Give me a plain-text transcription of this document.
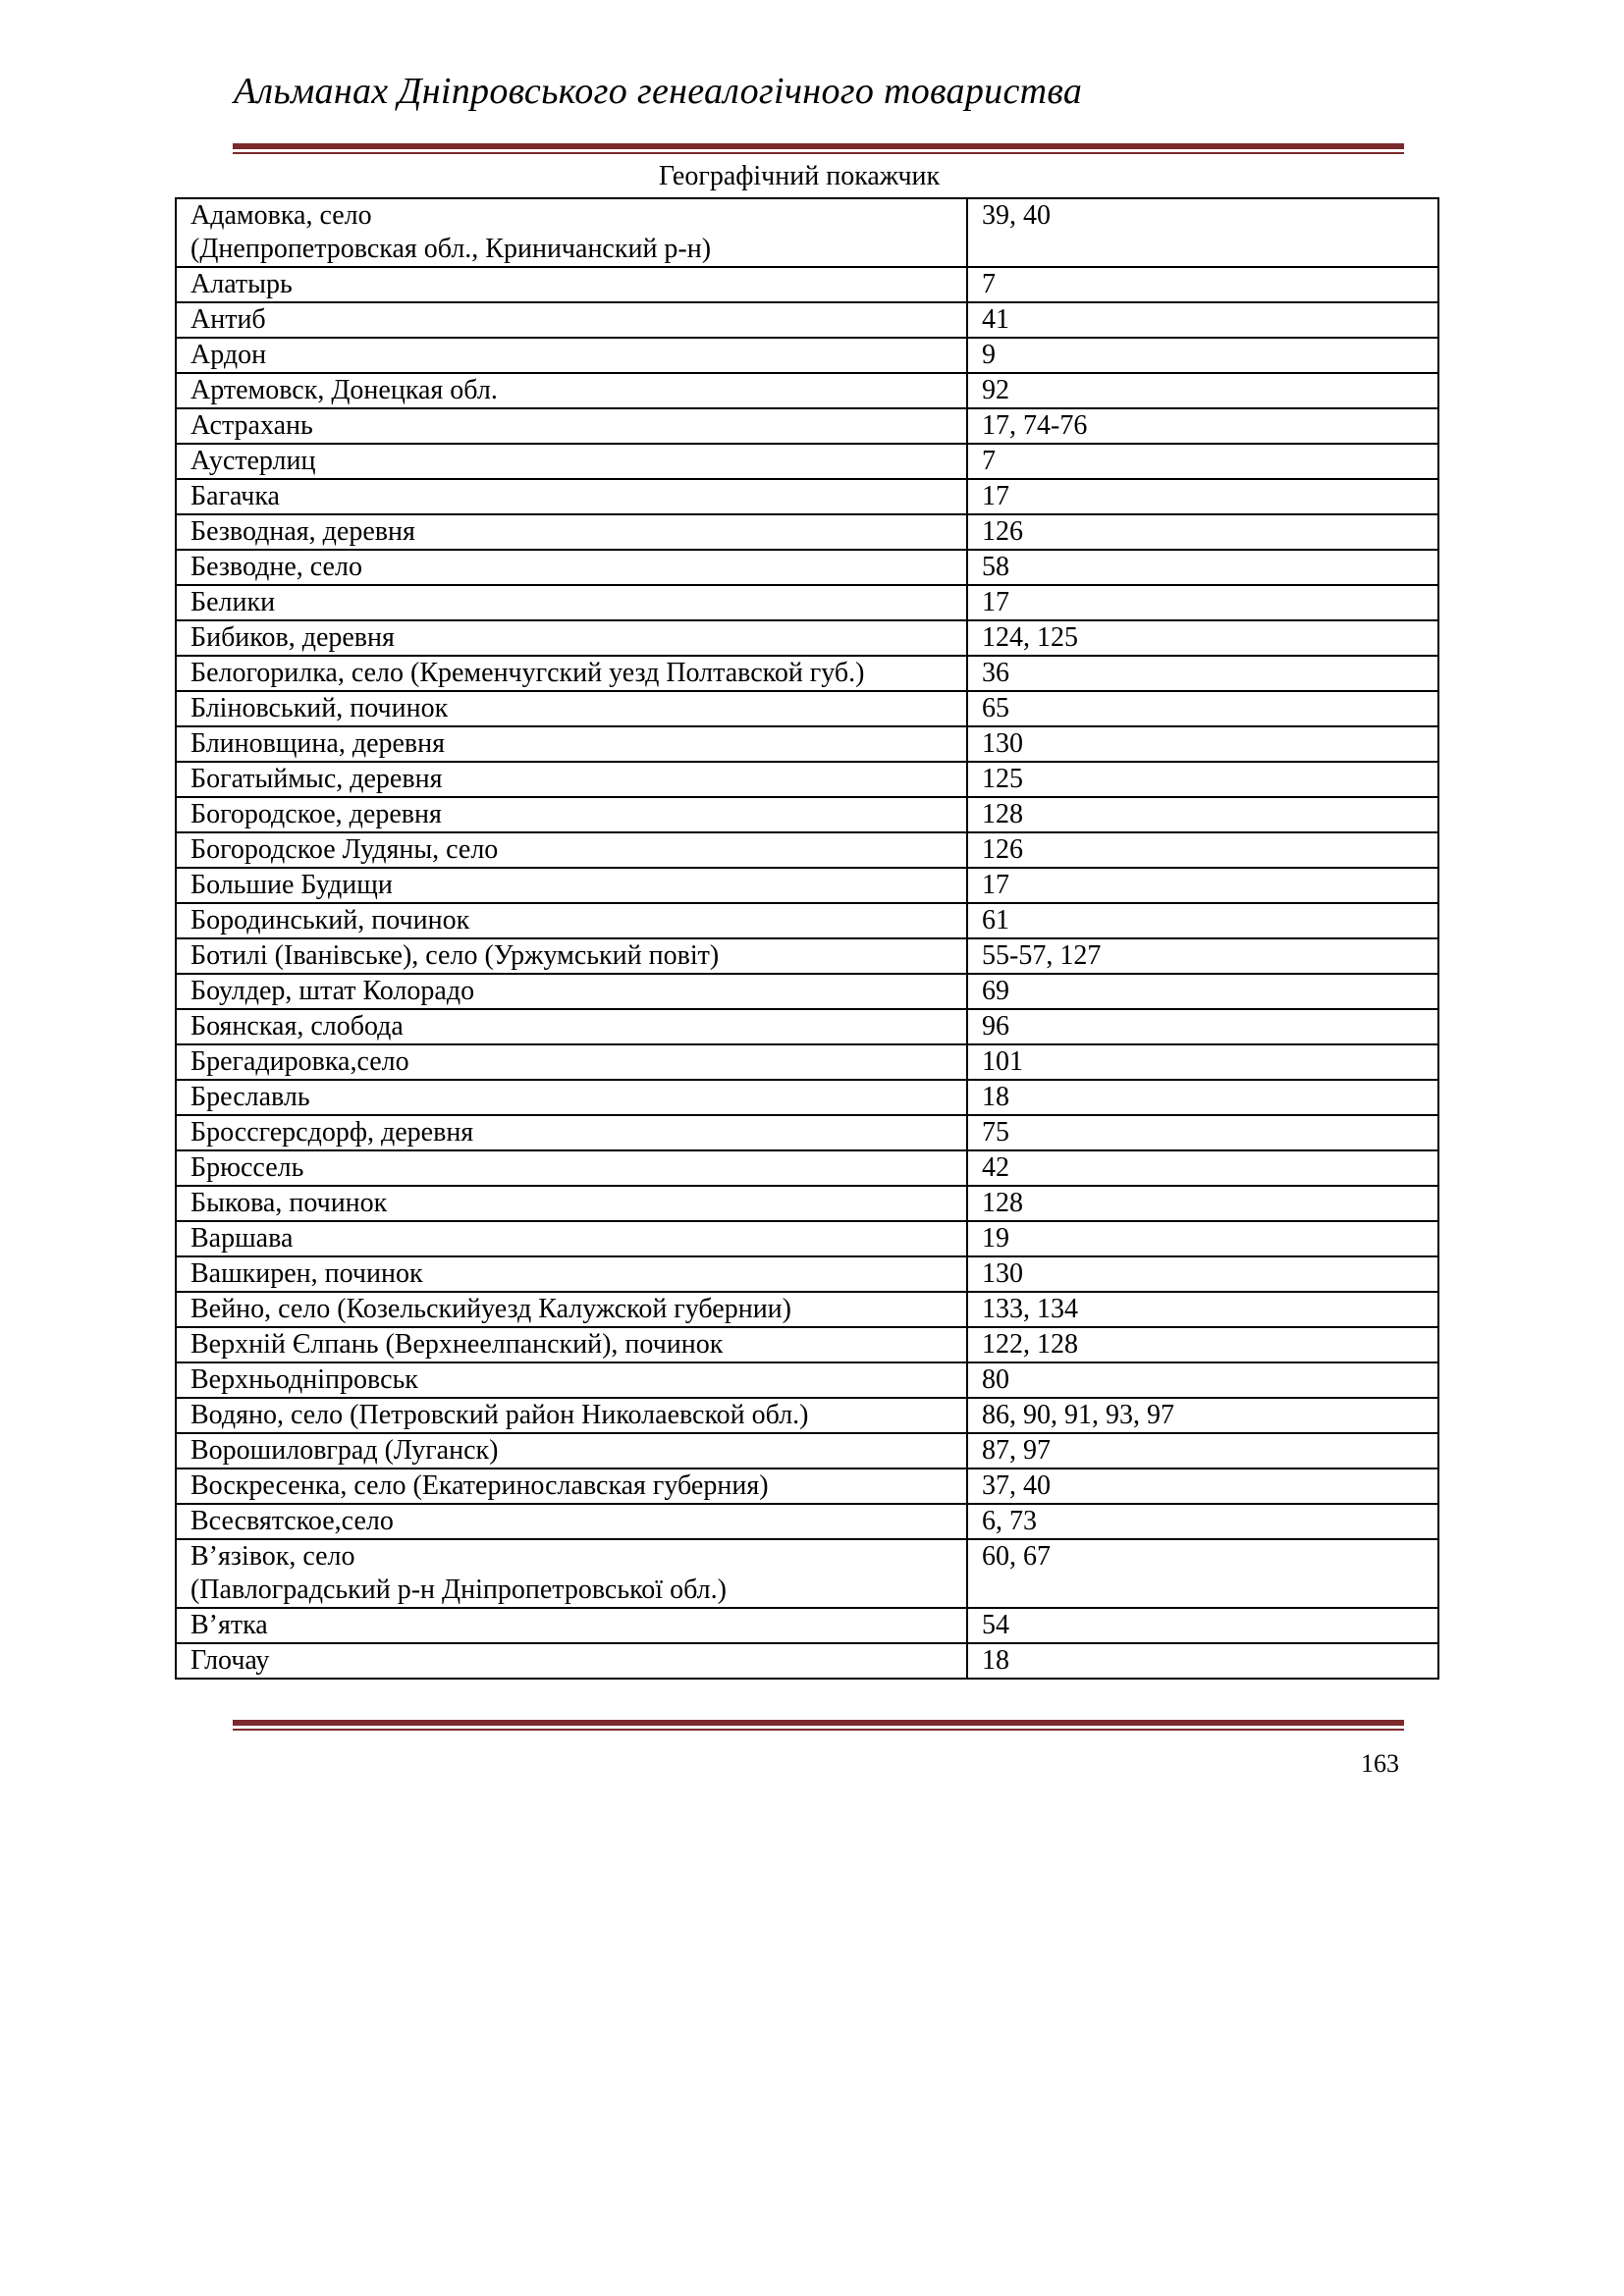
Альманах Дніпровського генеалогічного товариства
Географічний покажчик
Адамовка, село
(Днепропетровская обл., Криничанский р-н)	39, 40

Алатырь	7

Антиб	41

Ардон	9

Артемовск, Донецкая обл.	92

Астрахань	17, 74-76

Аустерлиц	7

Багачка	17

Безводная, деревня	126

Безводне, село	58

Белики	17

Бибиков, деревня	124, 125

Белогорилка, село (Кременчугский уезд Полтавской губ.)	36

Бліновський, починок	65

Блиновщина, деревня	130

Богатыймыс, деревня	125

Богородское, деревня	128

Богородское Лудяны, село	126

Большие Будищи	17

Бородинський, починок	61

Ботилі (Іванівське), село (Уржумський повіт)	55-57, 127

Боулдер, штат Колорадо	69

Боянская, слобода	96

Брегадировка,село	101

Бреславль	18

Броссгерсдорф, деревня	75

Брюссель	42

Быкова, починок	128

Варшава	19

Вашкирен, починок	130

Вейно, село (Козельскийуезд Калужской губернии)	133, 134

Верхній Єлпань (Верхнеелпанский), починок	122, 128

Верхньодніпровськ	80

Водяно, село (Петровский район Николаевской обл.)	86, 90, 91, 93, 97

Ворошиловград (Луганск)	87, 97

Воскресенка, село (Екатеринославская губерния)	37, 40

Всесвятское,село	6, 73

В’язівок, село
(Павлоградський р-н Дніпропетровської обл.)	60, 67

В’ятка	54

Глочау	18
163
